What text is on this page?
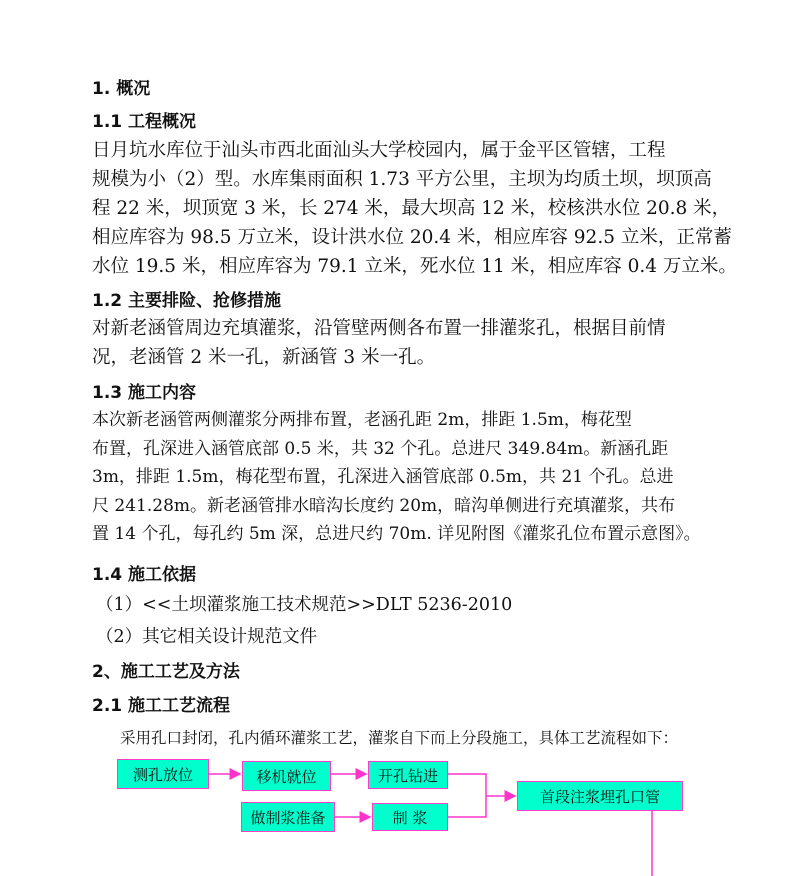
1. 概况
1.1 工程概况
日月坑水库位于汕头市西北面汕头大学校园内，属于金平区管辖，工程
规模为小（2）型。水库集雨面积 1.73 平方公里，主坝为均质土坝，坝顶高
程 22 米，坝顶宽 3 米，长 274 米，最大坝高 12 米，校核洪水位 20.8 米，
相应库容为 98.5 万立米，设计洪水位 20.4 米，相应库容 92.5 立米，正常蓄
水位 19.5 米，相应库容为 79.1 立米，死水位 11 米，相应库容 0.4 万立米。
1.2 主要排险、抢修措施
对新老涵管周边充填灌浆，沿管壁两侧各布置一排灌浆孔，根据目前情
况，老涵管 2 米一孔，新涵管 3 米一孔。
1.3 施工内容
本次新老涵管两侧灌浆分两排布置，老涵孔距 2m，排距 1.5m，梅花型
布置，孔深进入涵管底部 0.5 米，共 32 个孔。总进尺 349.84m。新涵孔距
3m，排距 1.5m，梅花型布置，孔深进入涵管底部 0.5m，共 21 个孔。总进
尺 241.28m。新老涵管排水暗沟长度约 20m，暗沟单侧进行充填灌浆，共布
置 14 个孔，每孔约 5m 深，总进尺约 70m. 详见附图《灌浆孔位布置示意图》。
1.4 施工依据
（1）<<土坝灌浆施工技术规范>>DLT 5236-2010
（2）其它相关设计规范文件
2、施工工艺及方法
2.1 施工工艺流程
采用孔口封闭，孔内循环灌浆工艺，灌浆自下而上分段施工，具体工艺流程如下：
测孔放位	移机就位	开孔钻进
首段注浆埋孔口管
做制浆准备	制 浆
